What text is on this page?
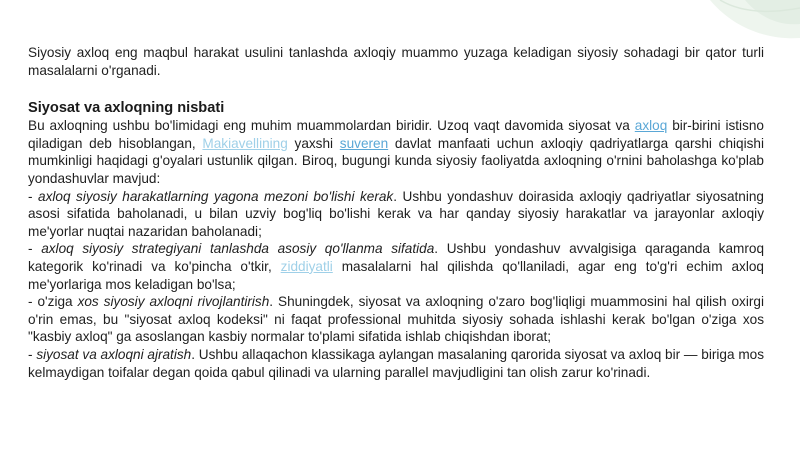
Siyosiy axloq eng maqbul harakat usulini tanlashda axloqiy muammo yuzaga keladigan siyosiy sohadagi bir qator turli masalalarni o'rganadi.

Siyosat va axloqning nisbati

Bu axloqning ushbu bo'limidagi eng muhim muammolardan biridir. Uzoq vaqt davomida siyosat va axloq bir-birini istisno qiladigan deb hisoblangan, Makiavellining yaxshi suveren davlat manfaati uchun axloqiy qadriyatlarga qarshi chiqishi mumkinligi haqidagi g'oyalari ustunlik qilgan. Biroq, bugungi kunda siyosiy faoliyatda axloqning o'rnini baholashga ko'plab yondashuvlar mavjud:

- axloq siyosiy harakatlarning yagona mezoni bo'lishi kerak. Ushbu yondashuv doirasida axloqiy qadriyatlar siyosatning asosi sifatida baholanadi, u bilan uzviy bog'liq bo'lishi kerak va har qanday siyosiy harakatlar va jarayonlar axloqiy me'yorlar nuqtai nazaridan baholanadi;

- axloq siyosiy strategiyani tanlashda asosiy qo'llanma sifatida. Ushbu yondashuv avvalgisiga qaraganda kamroq kategorik ko'rinadi va ko'pincha o'tkir, ziddiyatli masalalarni hal qilishda qo'llaniladi, agar eng to'g'ri echim axloq me'yorlariga mos keladigan bo'lsa;

- o'ziga xos siyosiy axloqni rivojlantirish. Shuningdek, siyosat va axloqning o'zaro bog'liqligi muammosini hal qilish oxirgi o'rin emas, bu "siyosat axloq kodeksi" ni faqat professional muhitda siyosiy sohada ishlashi kerak bo'lgan o'ziga xos "kasbiy axloq" ga asoslangan kasbiy normalar to'plami sifatida ishlab chiqishdan iborat;

- siyosat va axloqni ajratish. Ushbu allaqachon klassikaga aylangan masalaning qarorida siyosat va axloq bir — biriga mos kelmaydigan toifalar degan qoida qabul qilinadi va ularning parallel mavjudligini tan olish zarur ko'rinadi.
